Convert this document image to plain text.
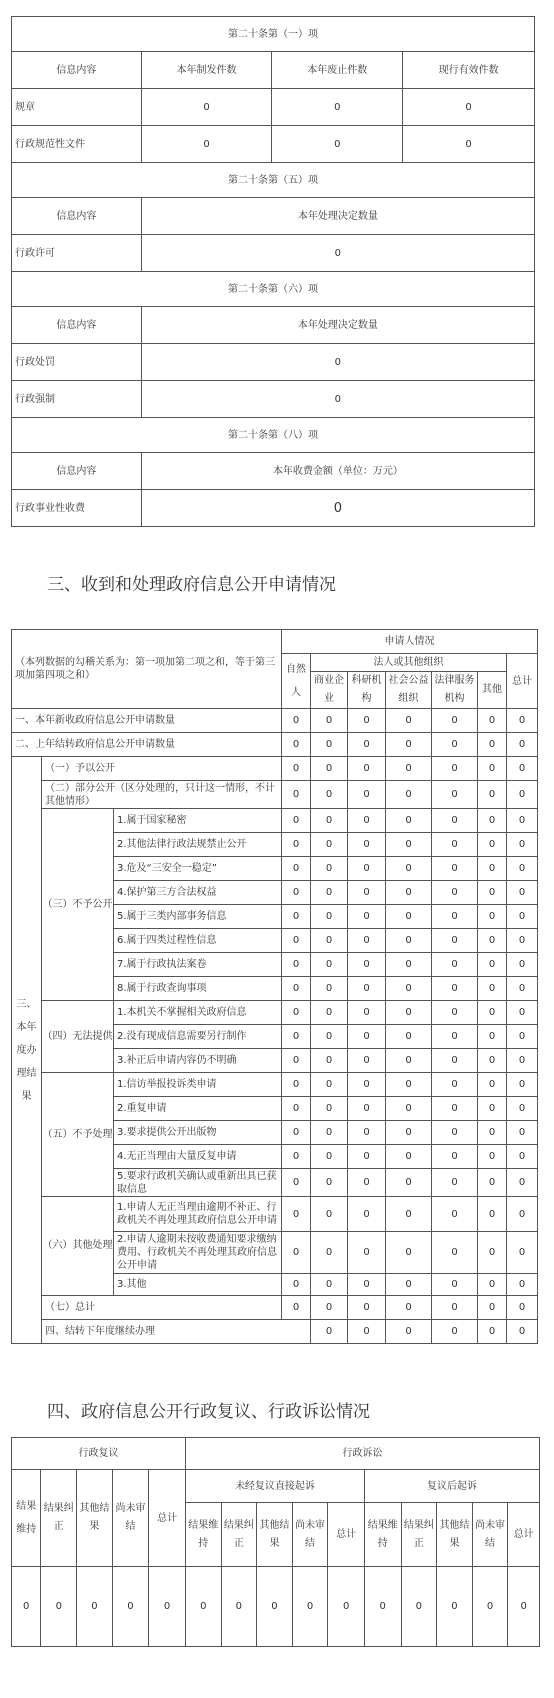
第二十条第（一）项			
信息内容	本年制发件数	本年废止件数	现行有效件数
规章	0	0	0
行政规范性文件	0	0	0
第二十条第（五）项			
信息内容	本年处理决定数量		
行政许可	0		
第二十条第（六）项			
信息内容	本年处理决定数量		
行政处罚	0		
行政强制	0		
第二十条第（八）项			
信息内容	本年收费金额（单位：万元）		
行政事业性收费	0		
三、收到和处理政府信息公开申请情况
（本列数据的勾稽关系为：第一项加第二项之和，等于第三项加第四项之和）			申请人情况							
			自然人	法人或其他组织					总计	
				商业企业	科研机构	社会公益组织	法律服务机构	其他		
一、本年新收政府信息公开申请数量			0	0	0	0	0	0	0	
二、上年结转政府信息公开申请数量			0	0	0	0	0	0	0	
三、本年度办理结果	（一）予以公开		0	0	0	0	0	0	0	
	（二）部分公开（区分处理的，只计这一情形，不计其他情形）		0	0	0	0	0	0	0	
	（三）不予公开	1.属于国家秘密	0	0	0	0	0	0	0	
		2.其他法律行政法规禁止公开	0	0	0	0	0	0	0	
		3.危及“三安全一稳定”	0	0	0	0	0	0	0	
		4.保护第三方合法权益	0	0	0	0	0	0	0	
		5.属于三类内部事务信息	0	0	0	0	0	0	0	
		6.属于四类过程性信息	0	0	0	0	0	0	0	
		7.属于行政执法案卷	0	0	0	0	0	0	0	
		8.属于行政查询事项	0	0	0	0	0	0	0	
	（四）无法提供	1.本机关不掌握相关政府信息	0	0	0	0	0	0	0	
		2.没有现成信息需要另行制作	0	0	0	0	0	0	0	
		3.补正后申请内容仍不明确	0	0	0	0	0	0	0	
	（五）不予处理	1.信访举报投诉类申请	0	0	0	0	0	0	0	
		2.重复申请	0	0	0	0	0	0	0	
		3.要求提供公开出版物	0	0	0	0	0	0	0	
		4.无正当理由大量反复申请	0	0	0	0	0	0	0	
		5.要求行政机关确认或重新出具已获取信息	0	0	0	0	0	0	0	
	（六）其他处理	1.申请人无正当理由逾期不补正、行政机关不再处理其政府信息公开申请	0	0	0	0	0	0	0	
		2.申请人逾期未按收费通知要求缴纳费用、行政机关不再处理其政府信息公开申请	0	0	0	0	0	0	0	
		3.其他	0	0	0	0	0	0	0	
	（七）总计		0	0	0	0	0	0	0	
	四、结转下年度继续办理			0	0	0	0	0	0	
四、政府信息公开行政复议、行政诉讼情况
行政复议					行政诉讼									
结果维持	结果纠正	其他结果	尚未审结	总计	未经复议直接起诉					复议后起诉				
					结果维持	结果纠正	其他结果	尚未审结	总计	结果维持	结果纠正	其他结果	尚未审结	总计
0	0	0	0	0	0	0	0	0	0	0	0	0	0	0
